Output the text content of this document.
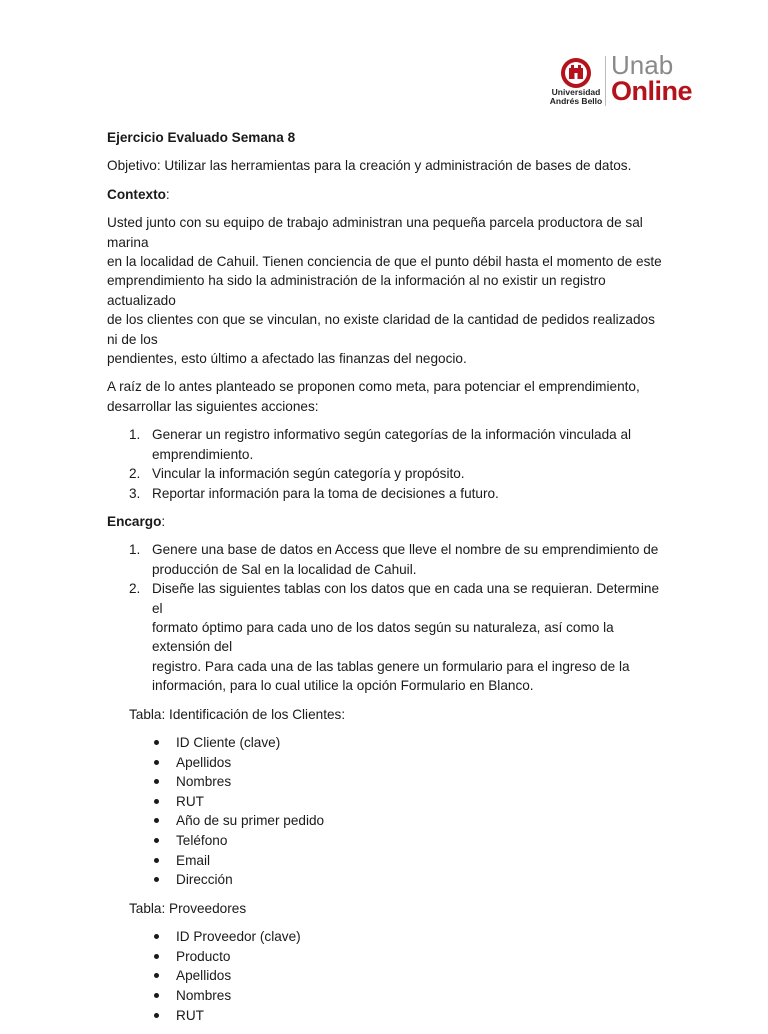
Universidad
Andrés Bello
Unab
Online

Ejercicio Evaluado Semana 8

Objetivo: Utilizar las herramientas para la creación y administración de bases de datos.

Contexto:

Usted junto con su equipo de trabajo administran una pequeña parcela productora de sal marina
en la localidad de Cahuil. Tienen conciencia de que el punto débil hasta el momento de este
emprendimiento ha sido la administración de la información al no existir un registro actualizado
de los clientes con que se vinculan, no existe claridad de la cantidad de pedidos realizados ni de los
pendientes, esto último a afectado las finanzas del negocio.

A raíz de lo antes planteado se proponen como meta, para potenciar el emprendimiento,
desarrollar las siguientes acciones:

1. Generar un registro informativo según categorías de la información vinculada al
emprendimiento.
2. Vincular la información según categoría y propósito.
3. Reportar información para la toma de decisiones a futuro.

Encargo:

1. Genere una base de datos en Access que lleve el nombre de su emprendimiento de
producción de Sal en la localidad de Cahuil.
2. Diseñe las siguientes tablas con los datos que en cada una se requieran. Determine el
formato óptimo para cada uno de los datos según su naturaleza, así como la extensión del
registro. Para cada una de las tablas genere un formulario para el ingreso de la
información, para lo cual utilice la opción Formulario en Blanco.

Tabla: Identificación de los Clientes:

ID Cliente (clave)
Apellidos
Nombres
RUT
Año de su primer pedido
Teléfono
Email
Dirección

Tabla: Proveedores

ID Proveedor (clave)
Producto
Apellidos
Nombres
RUT
